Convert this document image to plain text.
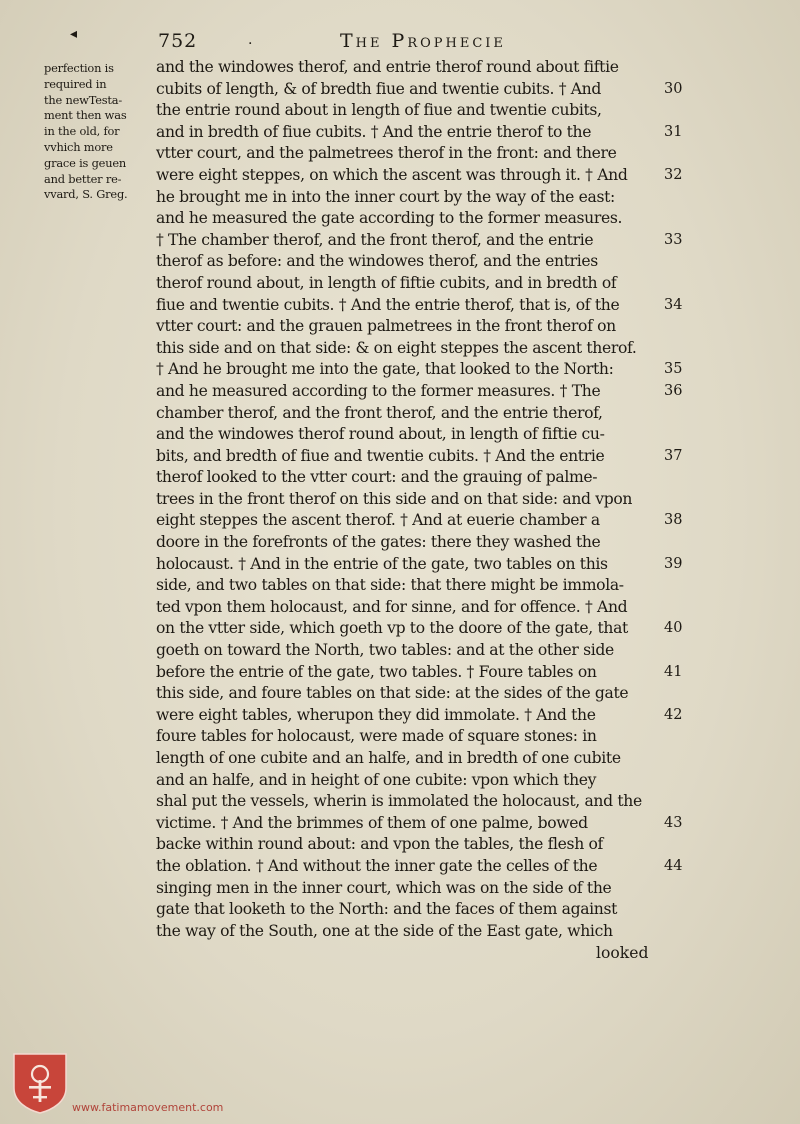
◂	752	.	The Prophecie
perfection is
required in
the newTesta-
ment then was
in the old, for
vvhich more
grace is geuen
and better re-
vvard, S. Greg.
and the windowes therof, and entrie therof round about fiftie
cubits of length, & of bredth fiue and twentie cubits. † And
the entrie round about in length of fiue and twentie cubits,
and in bredth of fiue cubits. † And the entrie therof to the
vtter court, and the palmetrees therof in the front: and there
were eight steppes, on which the ascent was through it. † And
he brought me in into the inner court by the way of the east:
and he measured the gate according to the former measures.
† The chamber therof, and the front therof, and the entrie
therof as before: and the windowes therof, and the entries
therof round about, in length of fiftie cubits, and in bredth of
fiue and twentie cubits. † And the entrie therof, that is, of the
vtter court: and the grauen palmetrees in the front therof on
this side and on that side: & on eight steppes the ascent therof.
† And he brought me into the gate, that looked to the North:
and he measured according to the former measures. † The
chamber therof, and the front therof, and the entrie therof,
and the windowes therof round about, in length of fiftie cu-
bits, and bredth of fiue and twentie cubits. † And the entrie
therof looked to the vtter court: and the grauing of palme-
trees in the front therof on this side and on that side: and vpon
eight steppes the ascent therof. † And at euerie chamber a
doore in the forefronts of the gates: there they washed the
holocaust. † And in the entrie of the gate, two tables on this
side, and two tables on that side: that there might be immola-
ted vpon them holocaust, and for sinne, and for offence. † And
on the vtter side, which goeth vp to the doore of the gate, that
goeth on toward the North, two tables: and at the other side
before the entrie of the gate, two tables. † Foure tables on
this side, and foure tables on that side: at the sides of the gate
were eight tables, wherupon they did immolate. † And the
foure tables for holocaust, were made of square stones: in
length of one cubite and an halfe, and in bredth of one cubite
and an halfe, and in height of one cubite: vpon which they
shal put the vessels, wherin is immolated the holocaust, and the
victime. † And the brimmes of them of one palme, bowed
backe within round about: and vpon the tables, the flesh of
the oblation. † And without the inner gate the celles of the
singing men in the inner court, which was on the side of the
gate that looketh to the North: and the faces of them against
the way of the South, one at the side of the East gate, which
30
31
32
33
34
35
36
37
38
39
40
41
42
43
44
looked
www.fatimamovement.com
